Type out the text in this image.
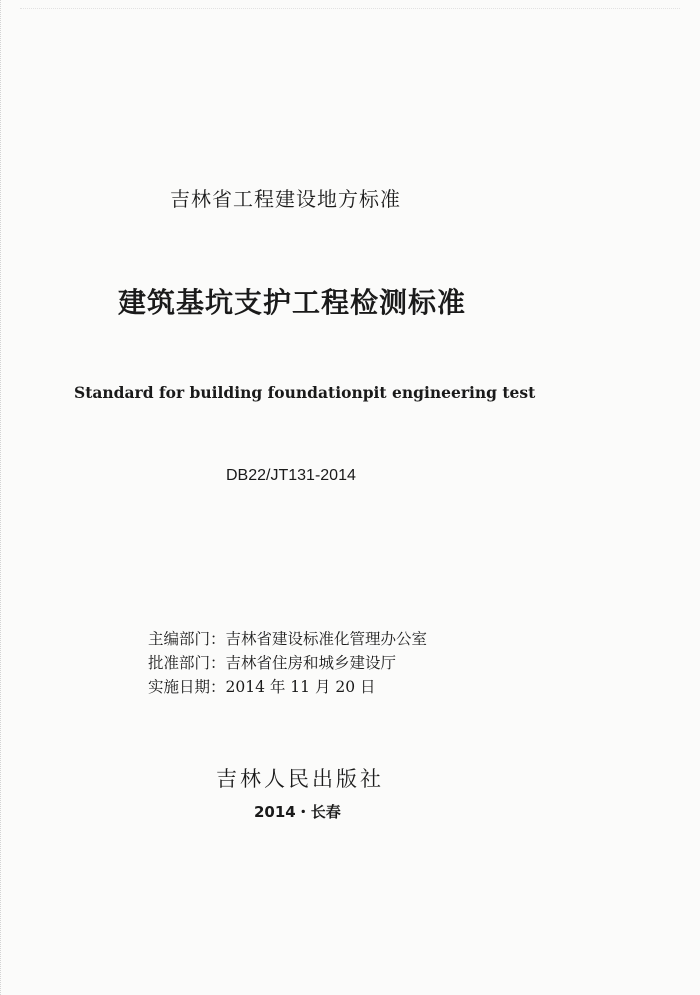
吉林省工程建设地方标准
建筑基坑支护工程检测标准
Standard for building foundationpit engineering test
DB22/JT131-2014
主编部门：吉林省建设标准化管理办公室
批准部门：吉林省住房和城乡建设厅
实施日期：2014 年 11 月 20 日
吉林人民出版社
2014・长春
